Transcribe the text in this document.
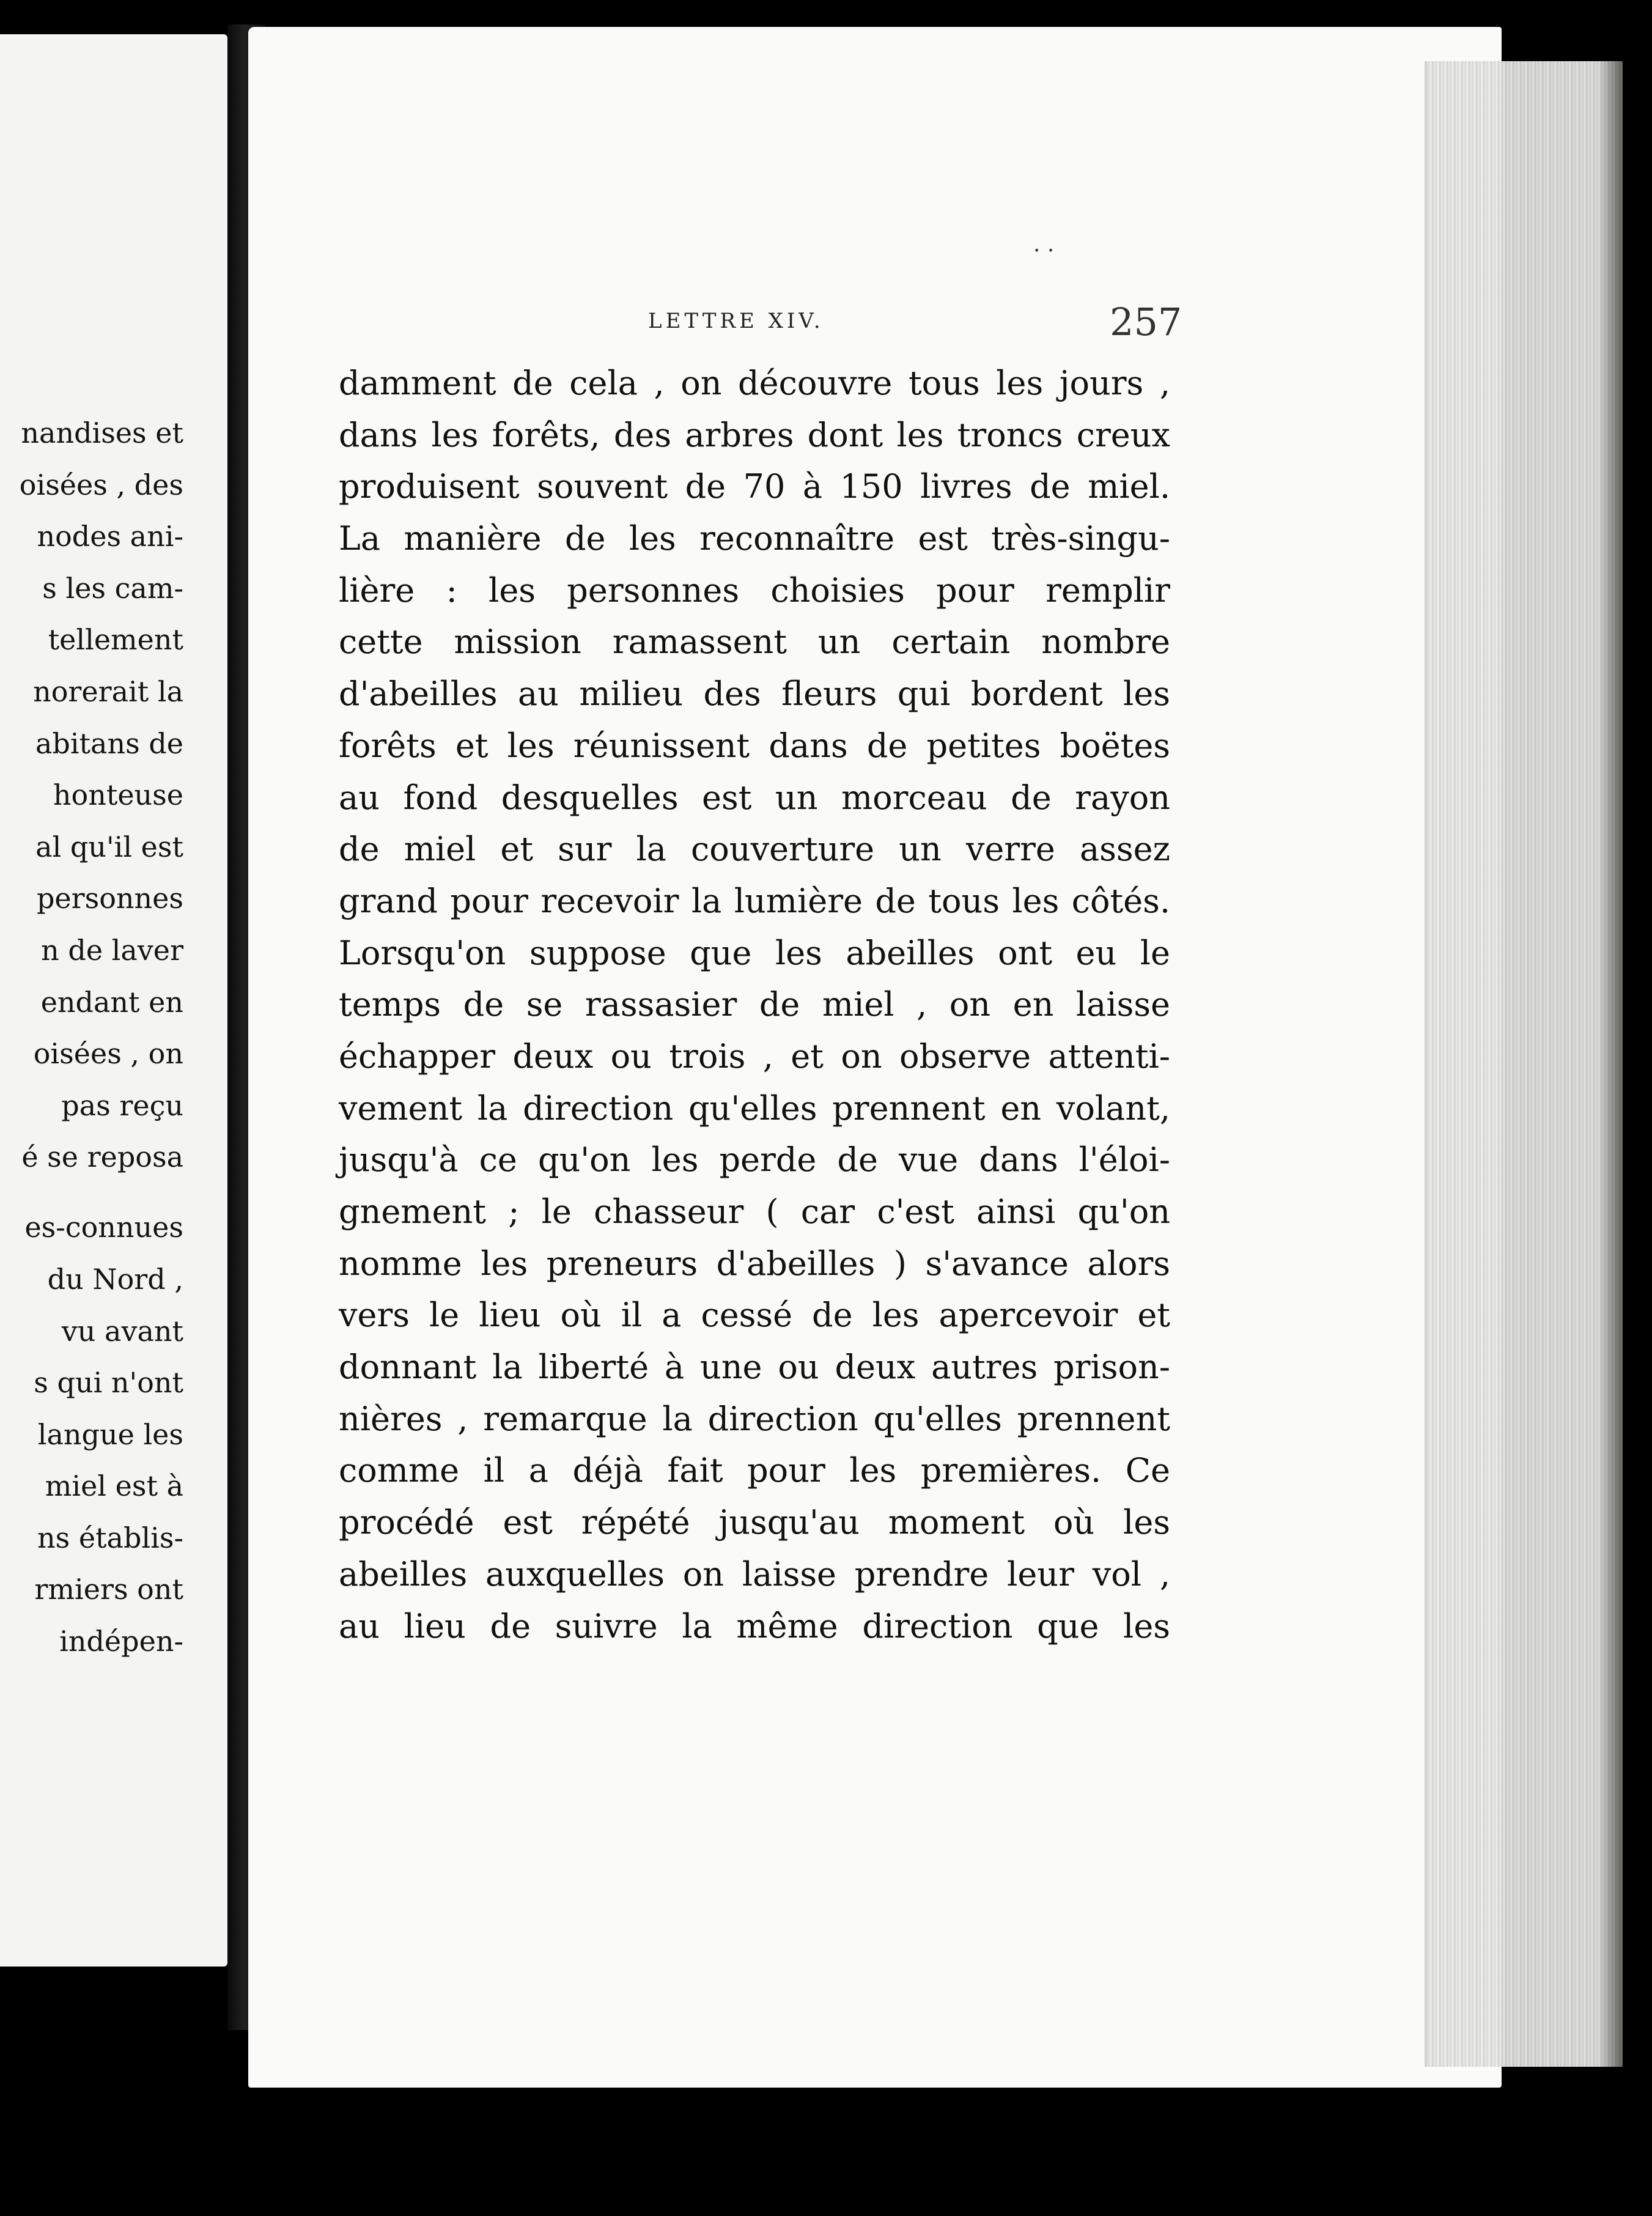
nandises et
oisées , des
nodes ani-
s les cam-
tellement
norerait la
abitans de
honteuse
al qu'il est
personnes
n de laver
endant en
oisées , on
pas reçu
é se reposa
es-connues
du Nord ,
vu avant
s qui n'ont
langue les
miel est à
ns établis-
rmiers ont
indépen-
· ·
LETTRE XIV.	257
damment de cela , on découvre tous les jours ,
dans les forêts, des arbres dont les troncs creux
produisent souvent de 70 à 150 livres de miel.
La manière de les reconnaître est très-singu-
lière : les personnes choisies pour remplir
cette mission ramassent un certain nombre
d'abeilles au milieu des fleurs qui bordent les
forêts et les réunissent dans de petites boëtes
au fond desquelles est un morceau de rayon
de miel et sur la couverture un verre assez
grand pour recevoir la lumière de tous les côtés.
Lorsqu'on suppose que les abeilles ont eu le
temps de se rassasier de miel , on en laisse
échapper deux ou trois , et on observe attenti-
vement la direction qu'elles prennent en volant,
jusqu'à ce qu'on les perde de vue dans l'éloi-
gnement ; le chasseur ( car c'est ainsi qu'on
nomme les preneurs d'abeilles ) s'avance alors
vers le lieu où il a cessé de les apercevoir et
donnant la liberté à une ou deux autres prison-
nières , remarque la direction qu'elles prennent
comme il a déjà fait pour les premières. Ce
procédé est répété jusqu'au moment où les
abeilles auxquelles on laisse prendre leur vol ,
au lieu de suivre la même direction que les
